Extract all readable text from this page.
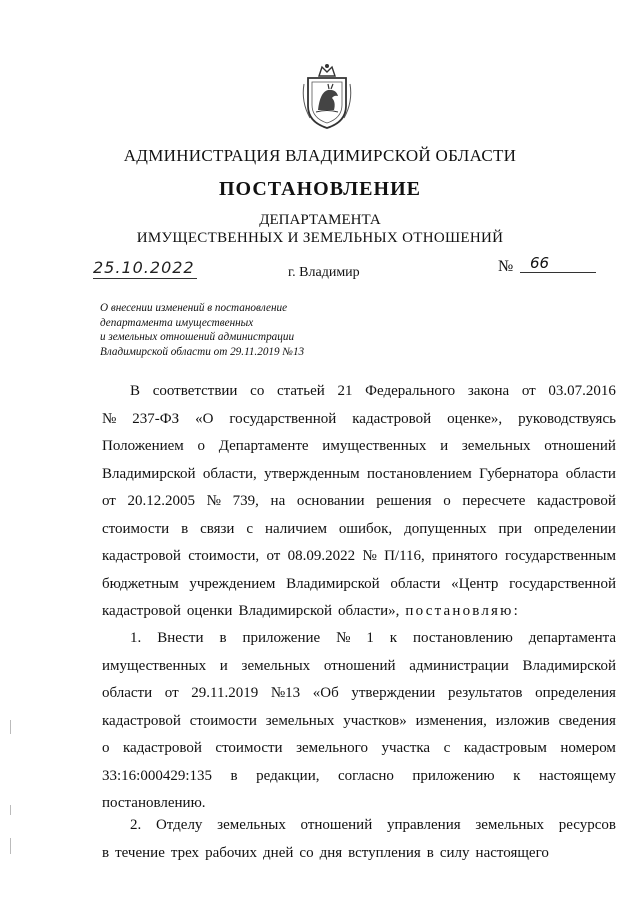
АДМИНИСТРАЦИЯ ВЛАДИМИРСКОЙ ОБЛАСТИ
ПОСТАНОВЛЕНИЕ
ДЕПАРТАМЕНТА
ИМУЩЕСТВЕННЫХ И ЗЕМЕЛЬНЫХ ОТНОШЕНИЙ
25.10.2022	г. Владимир	№	66
О внесении изменений в постановление
департамента имущественных
и земельных отношений администрации
Владимирской области от 29.11.2019 №13
В соответствии со статьей 21 Федерального закона от 03.07.2016
№ 237-ФЗ «О государственной кадастровой оценке», руководствуясь
Положением о Департаменте имущественных и земельных отношений
Владимирской области, утвержденным постановлением Губернатора области
от 20.12.2005 № 739, на основании решения о пересчете кадастровой
стоимости в связи с наличием ошибок, допущенных при определении
кадастровой стоимости, от 08.09.2022 № П/116, принятого государственным
бюджетным учреждением Владимирской области «Центр государственной
кадастровой оценки Владимирской области», постановляю:
1. Внести в приложение № 1 к постановлению департамента
имущественных и земельных отношений администрации Владимирской
области от 29.11.2019 №13 «Об утверждении результатов определения
кадастровой стоимости земельных участков» изменения, изложив сведения
о кадастровой стоимости земельного участка с кадастровым номером
33:16:000429:135 в редакции, согласно приложению к настоящему
постановлению.
2. Отделу земельных отношений управления земельных ресурсов
в течение трех рабочих дней со дня вступления в силу настоящего
